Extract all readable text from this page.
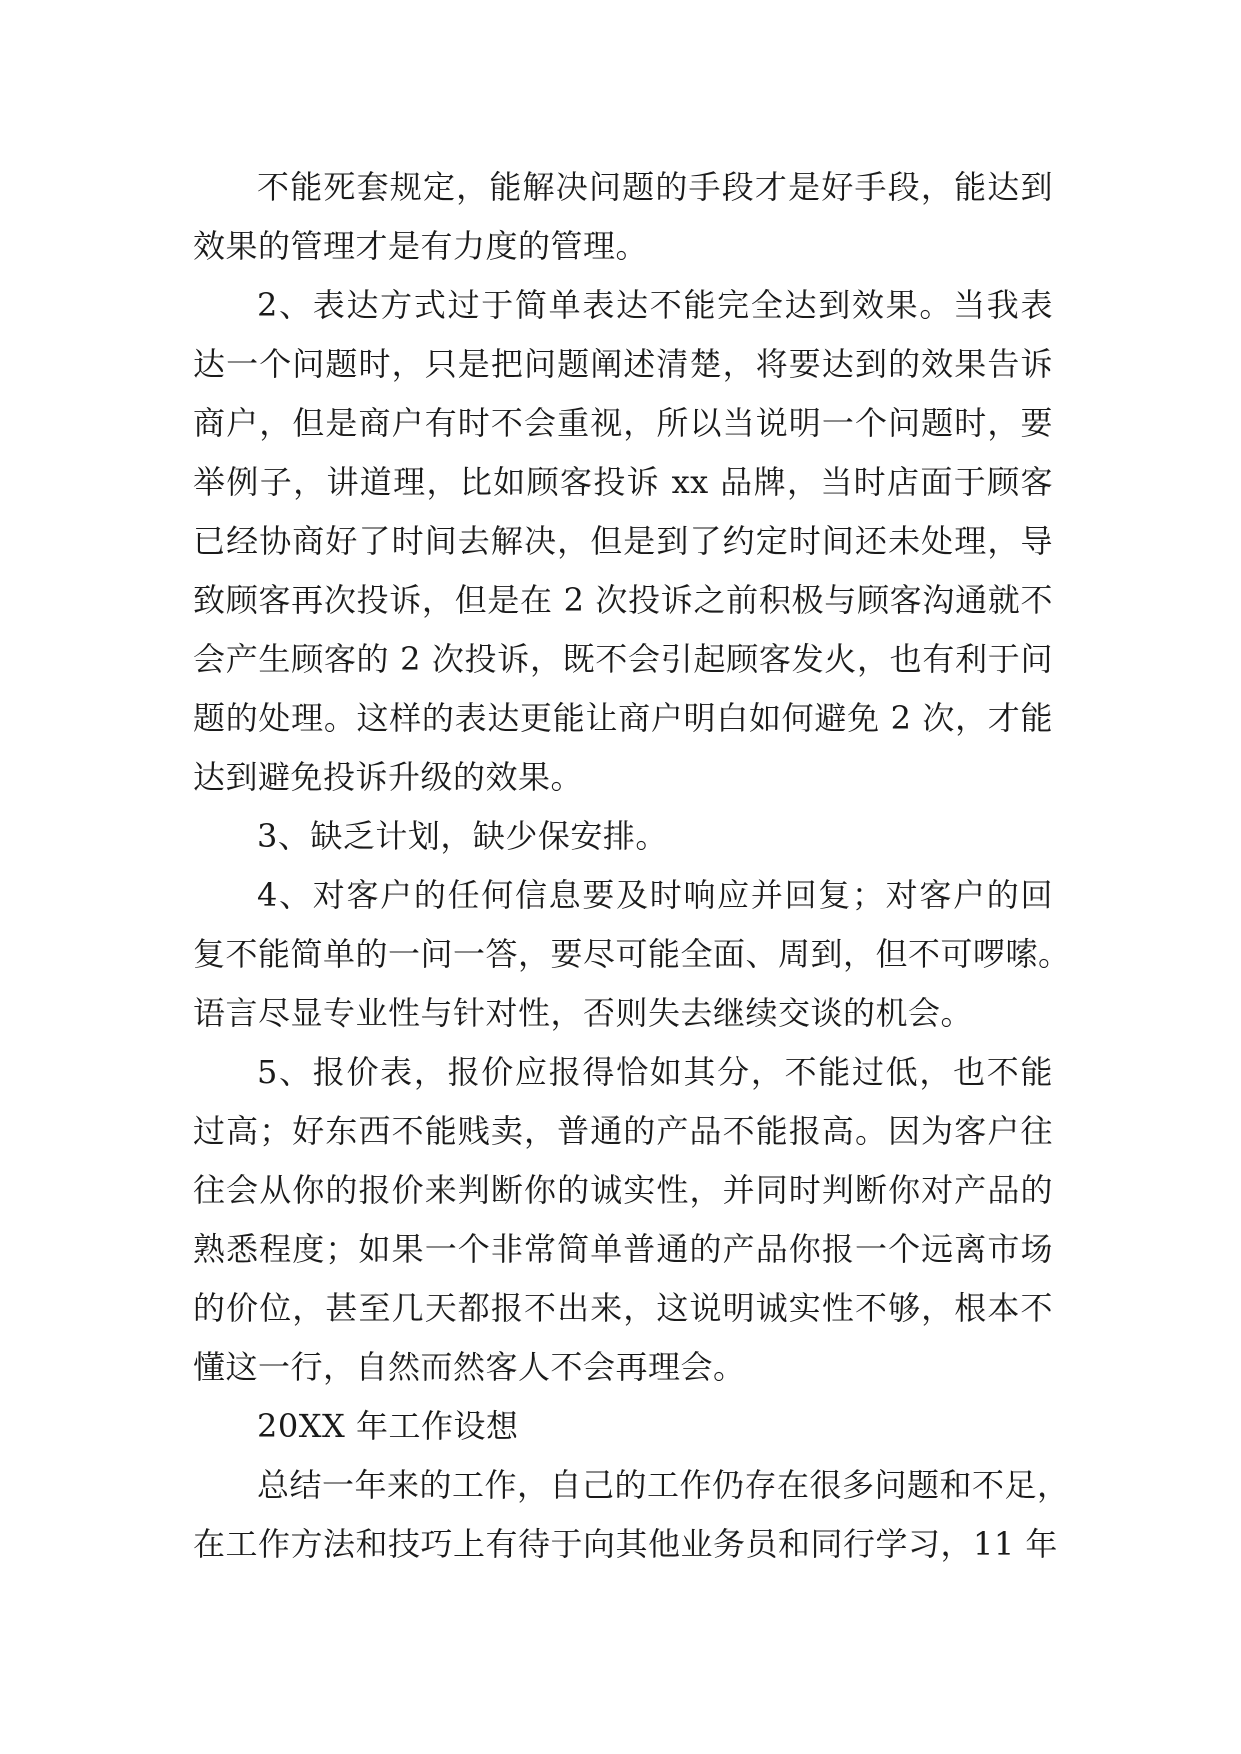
不能死套规定，能解决问题的手段才是好手段，能达到
效果的管理才是有力度的管理。

2、表达方式过于简单表达不能完全达到效果。当我表
达一个问题时，只是把问题阐述清楚，将要达到的效果告诉
商户，但是商户有时不会重视，所以当说明一个问题时，要
举例子，讲道理，比如顾客投诉 xx 品牌，当时店面于顾客
已经协商好了时间去解决，但是到了约定时间还未处理，导
致顾客再次投诉，但是在 2 次投诉之前积极与顾客沟通就不
会产生顾客的 2 次投诉，既不会引起顾客发火，也有利于问
题的处理。这样的表达更能让商户明白如何避免 2 次，才能
达到避免投诉升级的效果。

3、缺乏计划，缺少保安排。

4、对客户的任何信息要及时响应并回复；对客户的回
复不能简单的一问一答，要尽可能全面、周到，但不可啰嗦。
语言尽显专业性与针对性，否则失去继续交谈的机会。

5、报价表，报价应报得恰如其分，不能过低，也不能
过高；好东西不能贱卖，普通的产品不能报高。因为客户往
往会从你的报价来判断你的诚实性，并同时判断你对产品的
熟悉程度；如果一个非常简单普通的产品你报一个远离市场
的价位，甚至几天都报不出来，这说明诚实性不够，根本不
懂这一行，自然而然客人不会再理会。

20XX 年工作设想

总结一年来的工作，自己的工作仍存在很多问题和不足，
在工作方法和技巧上有待于向其他业务员和同行学习，11 年
